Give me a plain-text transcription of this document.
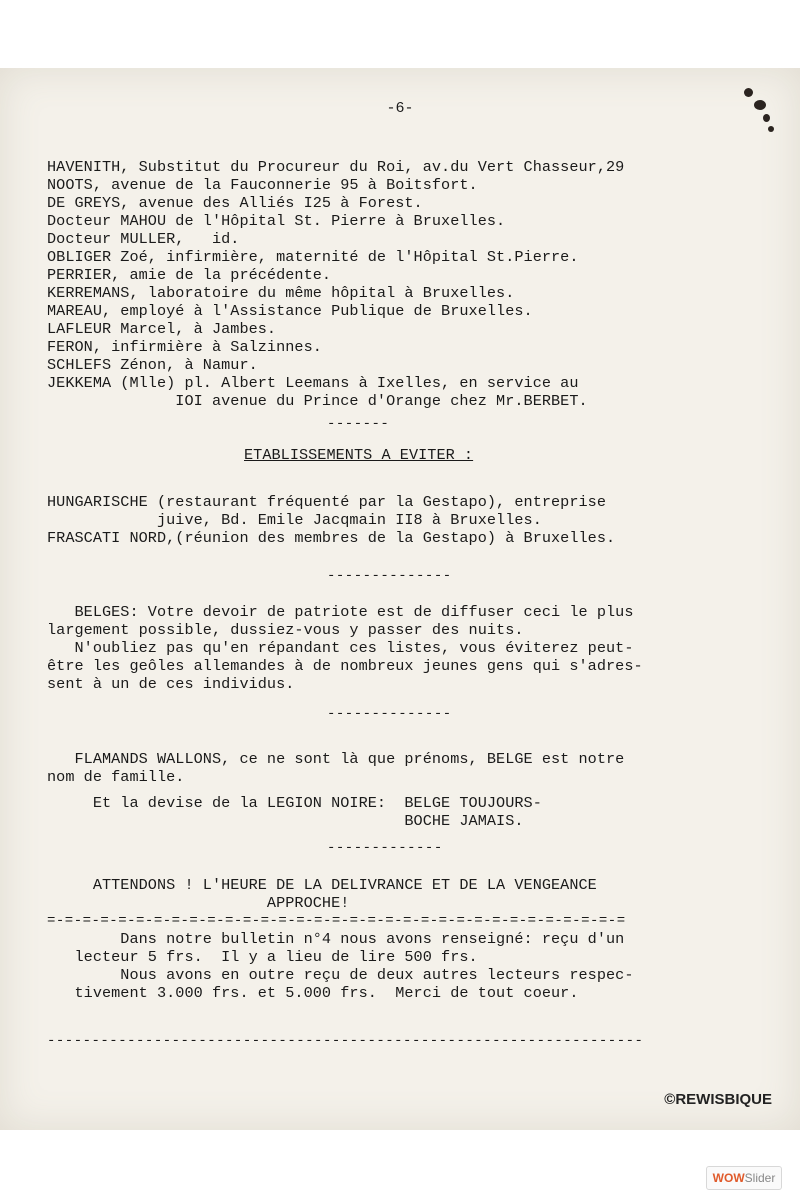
-6-
HAVENITH, Substitut du Procureur du Roi, av.du Vert Chasseur,29
NOOTS, avenue de la Fauconnerie 95 à Boitsfort.
DE GREYS, avenue des Alliés I25 à Forest.
Docteur MAHOU de l'Hôpital St. Pierre à Bruxelles.
Docteur MULLER,   id.
OBLIGER Zoé, infirmière, maternité de l'Hôpital St.Pierre.
PERRIER, amie de la précédente.
KERREMANS, laboratoire du même hôpital à Bruxelles.
MAREAU, employé à l'Assistance Publique de Bruxelles.
LAFLEUR Marcel, à Jambes.
FERON, infirmière à Salzinnes.
SCHLEFS Zénon, à Namur.
JEKKEMA (Mlle) pl. Albert Leemans à Ixelles, en service au
IOI avenue du Prince d'Orange chez Mr.BERBET.
-------
ETABLISSEMENTS A EVITER :
HUNGARISCHE (restaurant fréquenté par la Gestapo), entreprise
juive, Bd. Emile Jacqmain II8 à Bruxelles.
FRASCATI NORD,(réunion des membres de la Gestapo) à Bruxelles.
--------------
BELGES: Votre devoir de patriote est de diffuser ceci le plus
largement possible, dussiez-vous y passer des nuits.
N'oubliez pas qu'en répandant ces listes, vous éviterez peut-
être les geôles allemandes à de nombreux jeunes gens qui s'adres-
sent à un de ces individus.
--------------
FLAMANDS WALLONS, ce ne sont là que prénoms, BELGE est notre
nom de famille.
Et la devise de la LEGION NOIRE:  BELGE TOUJOURS-
BOCHE JAMAIS.
-------------
ATTENDONS ! L'HEURE DE LA DELIVRANCE ET DE LA VENGEANCE
APPROCHE!
=-=-=-=-=-=-=-=-=-=-=-=-=-=-=-=-=-=-=-=-=-=-=-=-=-=-=-=-=-=-=-=-=
Dans notre bulletin n°4 nous avons renseigné: reçu d'un
lecteur 5 frs.  Il y a lieu de lire 500 frs.
Nous avons en outre reçu de deux autres lecteurs respec-
tivement 3.000 frs. et 5.000 frs.  Merci de tout coeur.
-------------------------------------------------------------------
©REWISBIQUE
WOW Slider
